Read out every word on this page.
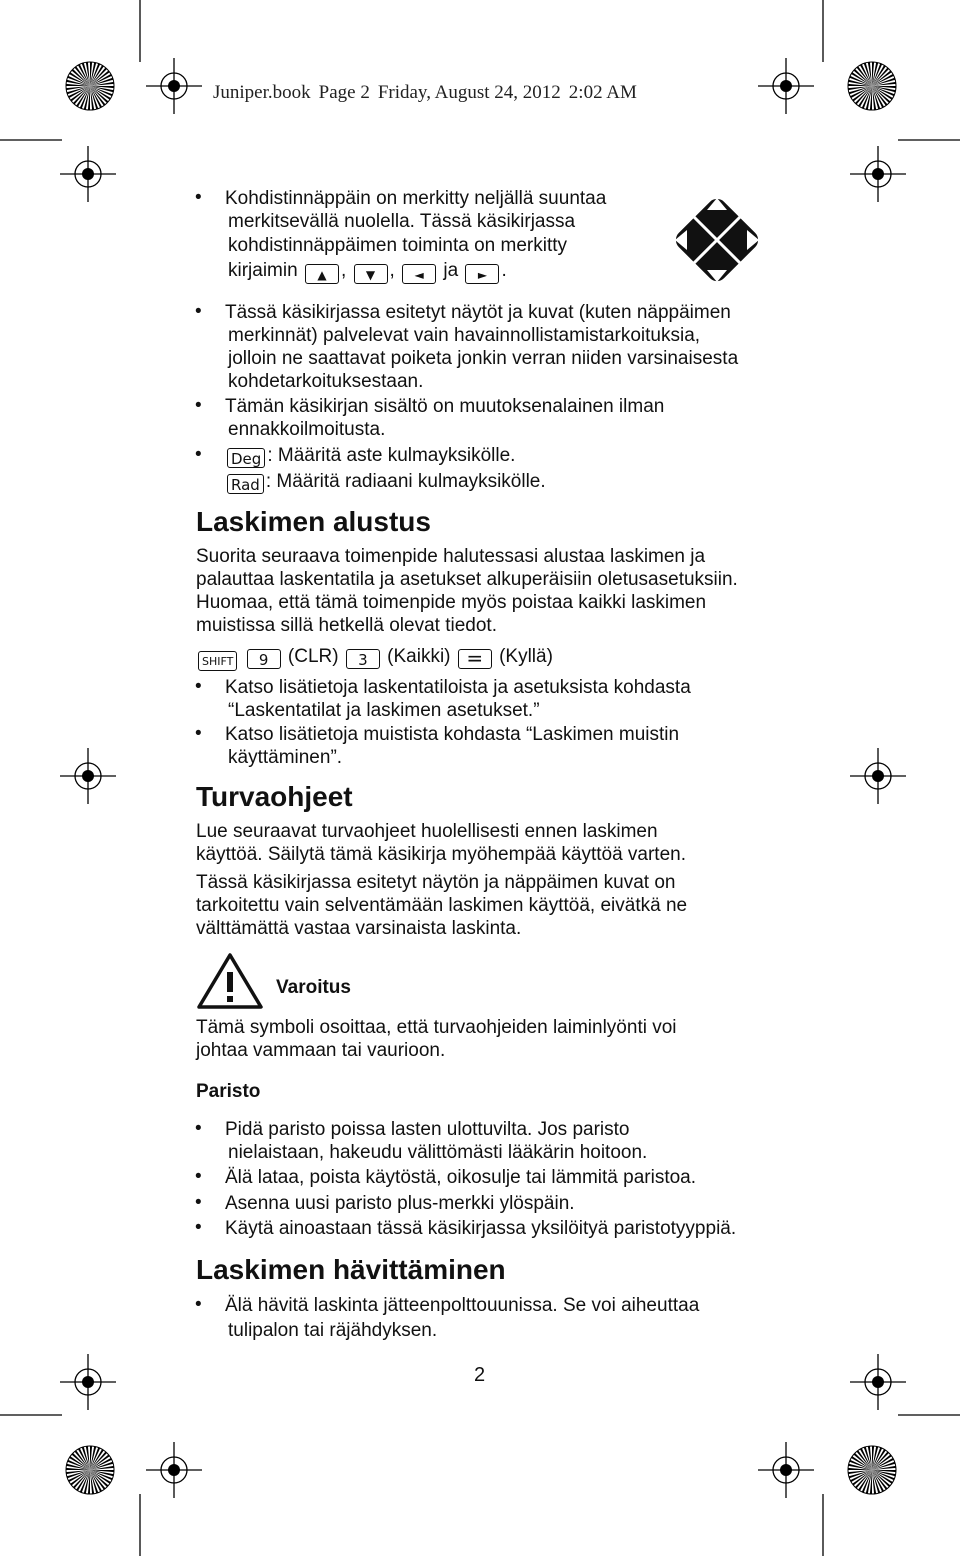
Juniper.book Page 2 Friday, August 24, 2012 2:02 AM
• Kohdistinnäppäin on merkitty neljällä suuntaa
merkitsevällä nuolella. Tässä käsikirjassa
kohdistinnäppäimen toiminta on merkitty
kirjaimin ▲ , ▼ , ◄ ja ► .
• Tässä käsikirjassa esitetyt näytöt ja kuvat (kuten näppäimen
merkinnät) palvelevat vain havainnollistamistarkoituksia,
jolloin ne saattavat poiketa jonkin verran niiden varsinaisesta
kohdetarkoituksestaan.
• Tämän käsikirjan sisältö on muutoksenalainen ilman
ennakkoilmoitusta.
•	Deg : Määritä aste kulmayksikölle.
Rad : Määritä radiaani kulmayksikölle.
Laskimen alustus
Suorita seuraava toimenpide halutessasi alustaa laskimen ja
palauttaa laskentatila ja asetukset alkuperäisiin oletusasetuksiin.
Huomaa, että tämä toimenpide myös poistaa kaikki laskimen
muistissa sillä hetkellä olevat tiedot.
SHIFT 9 (CLR) 3 (Kaikki) = (Kyllä)
• Katso lisätietoja laskentatiloista ja asetuksista kohdasta
“Laskentatilat ja laskimen asetukset.”
• Katso lisätietoja muistista kohdasta “Laskimen muistin
käyttäminen”.
Turvaohjeet
Lue seuraavat turvaohjeet huolellisesti ennen laskimen
käyttöä. Säilytä tämä käsikirja myöhempää käyttöä varten.
Tässä käsikirjassa esitetyt näytön ja näppäimen kuvat on
tarkoitettu vain selventämään laskimen käyttöä, eivätkä ne
välttämättä vastaa varsinaista laskinta.
Varoitus
Tämä symboli osoittaa, että turvaohjeiden laiminlyönti voi
johtaa vammaan tai vaurioon.
Paristo
• Pidä paristo poissa lasten ulottuvilta. Jos paristo
nielaistaan, hakeudu välittömästi lääkärin hoitoon.
• Älä lataa, poista käytöstä, oikosulje tai lämmitä paristoa.
• Asenna uusi paristo plus-merkki ylöspäin.
• Käytä ainoastaan tässä käsikirjassa yksilöityä paristotyyppiä.
Laskimen hävittäminen
• Älä hävitä laskinta jätteenpolttouunissa. Se voi aiheuttaa
tulipalon tai räjähdyksen.
2
